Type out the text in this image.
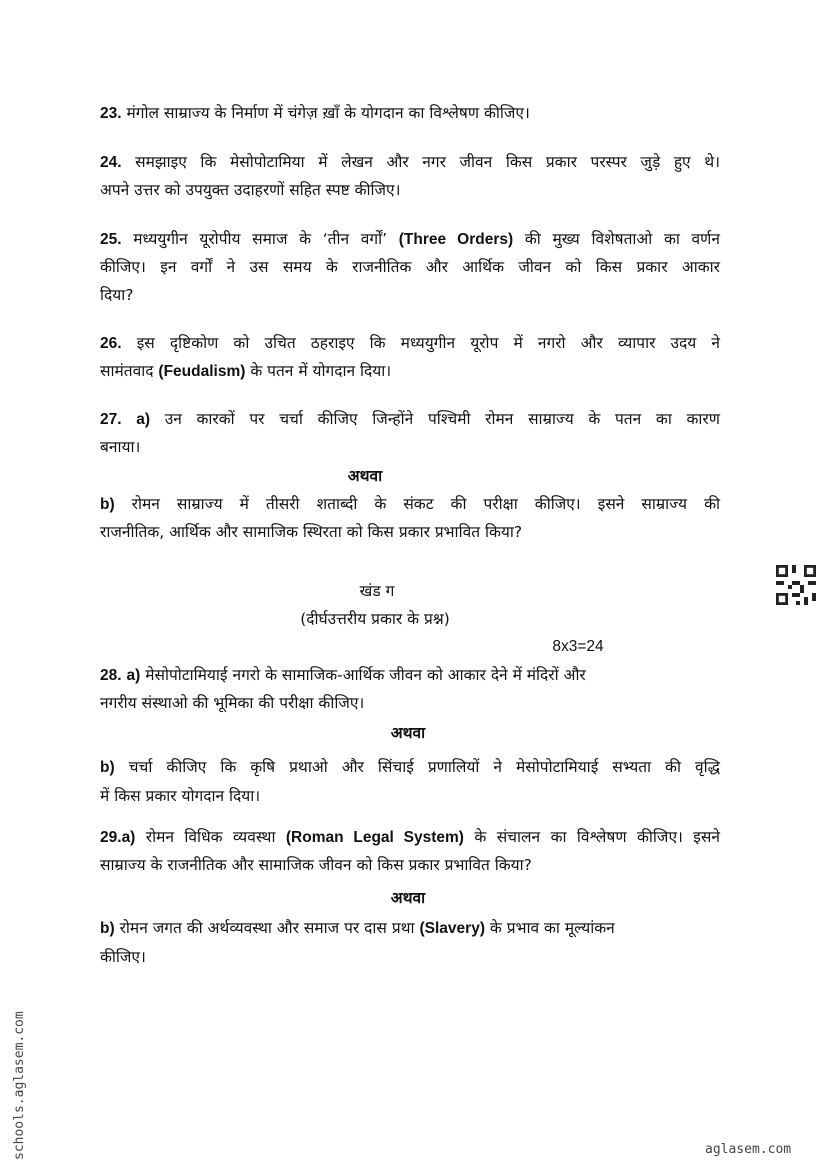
23. मंगोल साम्राज्य के निर्माण में चंगेज़ ख़ाँ के योगदान का विश्लेषण कीजिए।
24. समझाइए कि मेसोपोटामिया में लेखन और नगर जीवन किस प्रकार परस्पर जुड़े हुए थे।
अपने उत्तर को उपयुक्त उदाहरणों सहित स्पष्ट कीजिए।
25. मध्ययुगीन यूरोपीय समाज के ‘तीन वर्गों’ (Three Orders) की मुख्य विशेषताओ का वर्णन
कीजिए। इन वर्गों ने उस समय के राजनीतिक और आर्थिक जीवन को किस प्रकार आकार
दिया?
26. इस दृष्टिकोण को उचित ठहराइए कि मध्ययुगीन यूरोप में नगरो और व्यापार उदय ने
सामंतवाद (Feudalism) के पतन में योगदान दिया।
27. a) उन कारकों पर चर्चा कीजिए जिन्होंने पश्चिमी रोमन साम्राज्य के पतन का कारण
बनाया।
अथवा
b) रोमन साम्राज्य में तीसरी शताब्दी के संकट की परीक्षा कीजिए। इसने साम्राज्य की
राजनीतिक, आर्थिक और सामाजिक स्थिरता को किस प्रकार प्रभावित किया?
खंड ग
(दीर्घउत्तरीय प्रकार के प्रश्न)
8x3=24
28. a) मेसोपोटामियाई नगरो के सामाजिक-आर्थिक जीवन को आकार देने में मंदिरों और
नगरीय संस्थाओ की भूमिका की परीक्षा कीजिए।
अथवा
b) चर्चा कीजिए कि कृषि प्रथाओ और सिंचाई प्रणालियों ने मेसोपोटामियाई सभ्यता की वृद्धि
में किस प्रकार योगदान दिया।
29.a) रोमन विधिक व्यवस्था (Roman Legal System) के संचालन का विश्लेषण कीजिए। इसने
साम्राज्य के राजनीतिक और सामाजिक जीवन को किस प्रकार प्रभावित किया?
अथवा
b) रोमन जगत की अर्थव्यवस्था और समाज पर दास प्रथा (Slavery) के प्रभाव का मूल्यांकन
कीजिए।
schools.aglasem.com	aglasem.com
